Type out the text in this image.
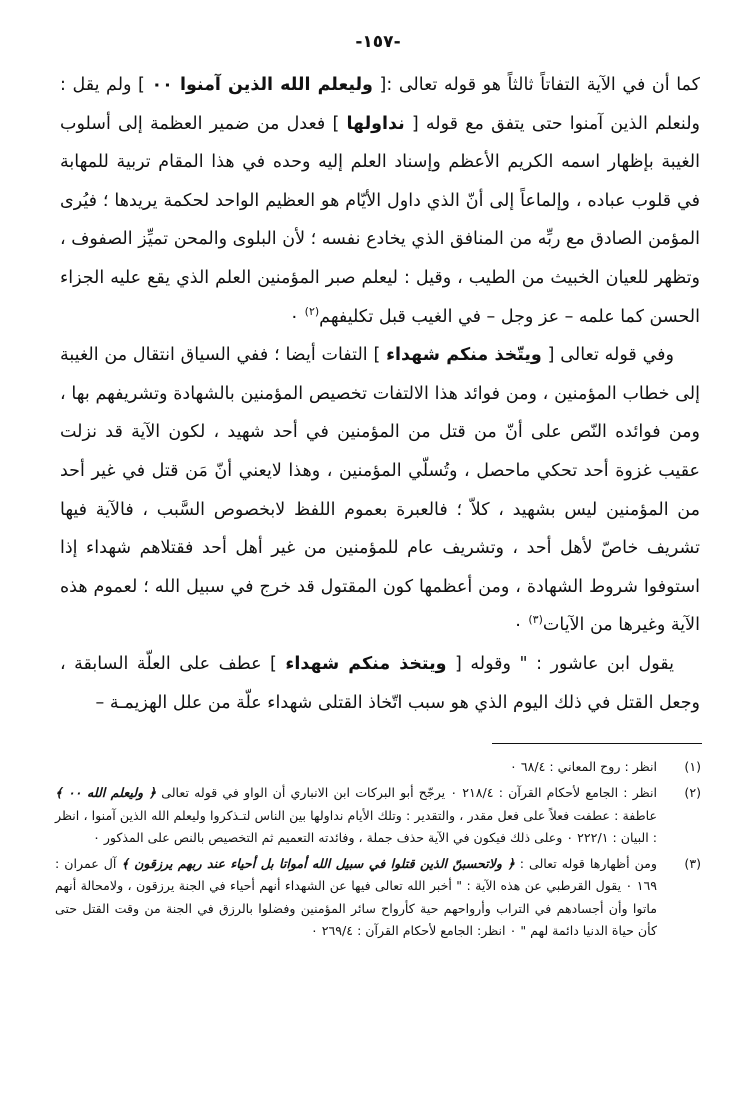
-١٥٧-

كما أن في الآية التفاتاً ثالثاً هو قوله تعالى :[ وليعلم الله الذين آمنوا ٠٠ ] ولم يقل : ولنعلم الذين آمنوا حتى يتفق مع قوله [ نداولها ] فعدل من ضمير العظمة إلى أسلوب الغيبة بإظهار اسمه الكريم الأعظم وإسناد العلم إليه وحده في هذا المقام تربية للمهابة في قلوب عباده ، وإلماعاً إلى أنّ الذي داول الأيّام هو العظيم الواحد لحكمة يريدها ؛ فيُرى المؤمن الصادق مع ربِّه من المنافق الذي يخادع نفسه ؛ لأن البلوى والمحن تميِّز الصفوف ، وتظهر للعيان الخبيث من الطيب ، وقيل : ليعلم صبر المؤمنين العلم الذي يقع عليه الجزاء الحسن كما علمه – عز وجل – في الغيب قبل تكليفهم$^{(٢)}$ ٠

وفي قوله تعالى [ ويتّخذ منكم شهداء ] التفات أيضا ؛ ففي السياق انتقال من الغيبة إلى خطاب المؤمنين ، ومن فوائد هذا الالتفات تخصيص المؤمنين بالشهادة وتشريفهم بها ، ومن فوائده النّص على أنّ من قتل من المؤمنين في أحد شهيد ، لكون الآية قد نزلت عقيب غزوة أحد تحكي ماحصل ، وتُسلّي المؤمنين ، وهذا لايعني أنّ مَن قتل في غير أحد من المؤمنين ليس بشهيد ، كلاّ ؛ فالعبرة بعموم اللفظ لابخصوص السَّبب ، فالآية فيها تشريف خاصّ لأهل أحد ، وتشريف عام للمؤمنين من غير أهل أحد فقتلاهم شهداء إذا استوفوا شروط الشهادة ، ومن أعظمها كون المقتول قد خرج في سبيل الله ؛ لعموم هذه الآية وغيرها من الآيات$^{(٣)}$ ٠

يقول ابن عاشور : " وقوله [ ويتخذ منكم شهداء ] عطف على العلّة السابقة ، وجعل القتل في ذلك اليوم الذي هو سبب اتّخاذ القتلى شهداء علّة من علل الهزيمـة –

(١)
انظر : روح المعاني : ٦٨/٤ ٠
(٢)
انظر : الجامع لأحكام القرآن : ٢١٨/٤ ٠ يرجّح أبو البركات ابن الانباري أن الواو في قوله تعالى ﴿ وليعلم الله ٠٠ ﴾ عاطفة : عطفت فعلاً على فعل مقدر ، والتقدير : وتلك الأيام نداولها بين الناس لتـذكروا وليعلم الله الذين آمنوا ، انظر : البيان : ٢٢٢/١ ٠ وعلى ذلك فيكون في الآية حذف جملة ، وفائدته التعميم ثم التخصيص بالنص على المذكور ٠
(٣)
ومن أظهارها قوله تعالى : ﴿ ولاتحسبنّ الذين قتلوا في سبيل الله أمواتا بل أحياء عند ربهم يرزقون ﴾ آل عمران : ١٦٩ ٠ يقول القرطبي عن هذه الآية : " أخبر الله تعالى فيها عن الشهداء أنهم أحياء في الجنة يرزقون ، ولامحالة أنهم ماتوا وأن أجسادهم في التراب وأرواحهم حية كأرواح سائر المؤمنين وفضلوا بالرزق في الجنة من وقت القتل حتى كأن حياة الدنيا دائمة لهم " ٠ انظر: الجامع لأحكام القرآن : ٢٦٩/٤ ٠
